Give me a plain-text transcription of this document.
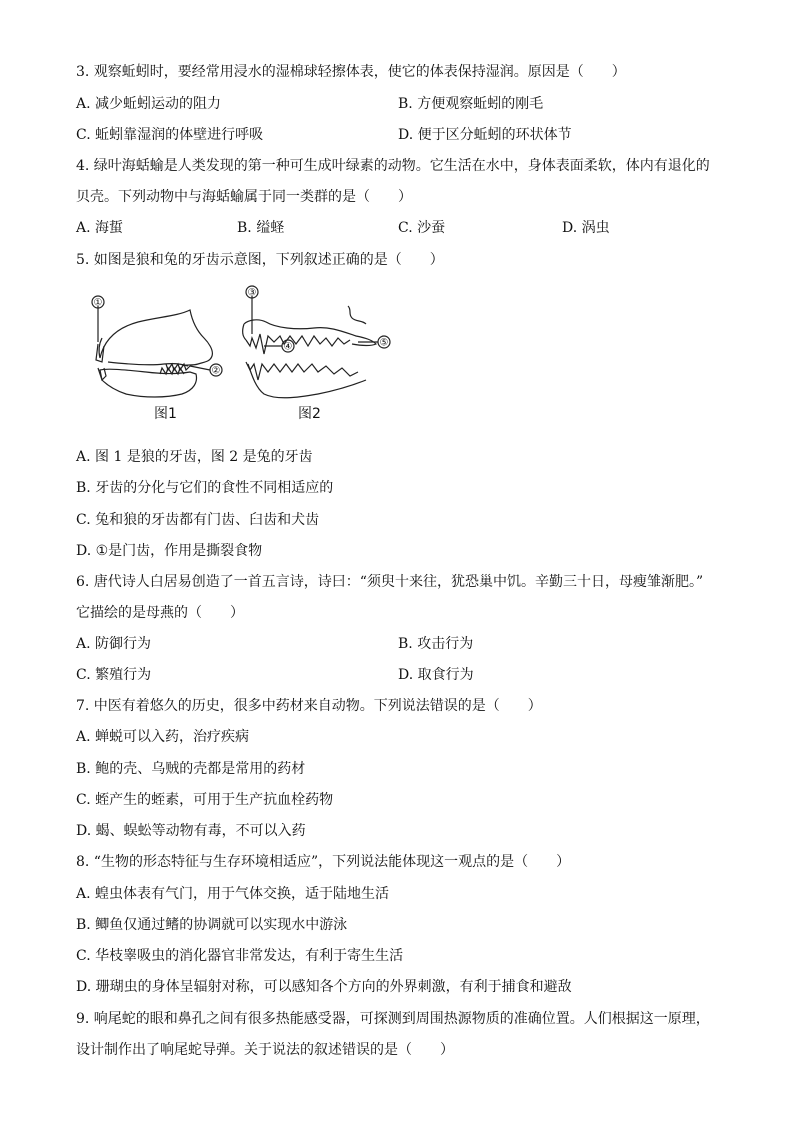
3. 观察蚯蚓时，要经常用浸水的湿棉球轻擦体表，使它的体表保持湿润。原因是（　　）
A. 减少蚯蚓运动的阻力	B. 方便观察蚯蚓的刚毛
C. 蚯蚓靠湿润的体壁进行呼吸	D. 便于区分蚯蚓的环状体节
4. 绿叶海蛞蝓是人类发现的第一种可生成叶绿素的动物。它生活在水中，身体表面柔软，体内有退化的
贝壳。下列动物中与海蛞蝓属于同一类群的是（　　）
A. 海蜇	B. 缢蛏	C. 沙蚕	D. 涡虫
5. 如图是狼和兔的牙齿示意图，下列叙述正确的是（　　）
①
②
③
④	⑤
图1	图2
A. 图 1 是狼的牙齿，图 2 是兔的牙齿
B. 牙齿的分化与它们的食性不同相适应的
C. 兔和狼的牙齿都有门齿、臼齿和犬齿
D. ①是门齿，作用是撕裂食物
6. 唐代诗人白居易创造了一首五言诗，诗曰：“须臾十来往，犹恐巢中饥。辛勤三十日，母瘦雏渐肥。”
它描绘的是母燕的（　　）
A. 防御行为	B. 攻击行为
C. 繁殖行为	D. 取食行为
7. 中医有着悠久的历史，很多中药材来自动物。下列说法错误的是（　　）
A. 蝉蜕可以入药，治疗疾病
B. 鲍的壳、乌贼的壳都是常用的药材
C. 蛭产生的蛭素，可用于生产抗血栓药物
D. 蝎、蜈蚣等动物有毒，不可以入药
8. “生物的形态特征与生存环境相适应”，下列说法能体现这一观点的是（　　）
A. 蝗虫体表有气门，用于气体交换，适于陆地生活
B. 鲫鱼仅通过鳍的协调就可以实现水中游泳
C. 华枝睾吸虫的消化器官非常发达，有利于寄生生活
D. 珊瑚虫的身体呈辐射对称，可以感知各个方向的外界刺激，有利于捕食和避敌
9. 响尾蛇的眼和鼻孔之间有很多热能感受器，可探测到周围热源物质的准确位置。人们根据这一原理，
设计制作出了响尾蛇导弹。关于说法的叙述错误的是（　　）
